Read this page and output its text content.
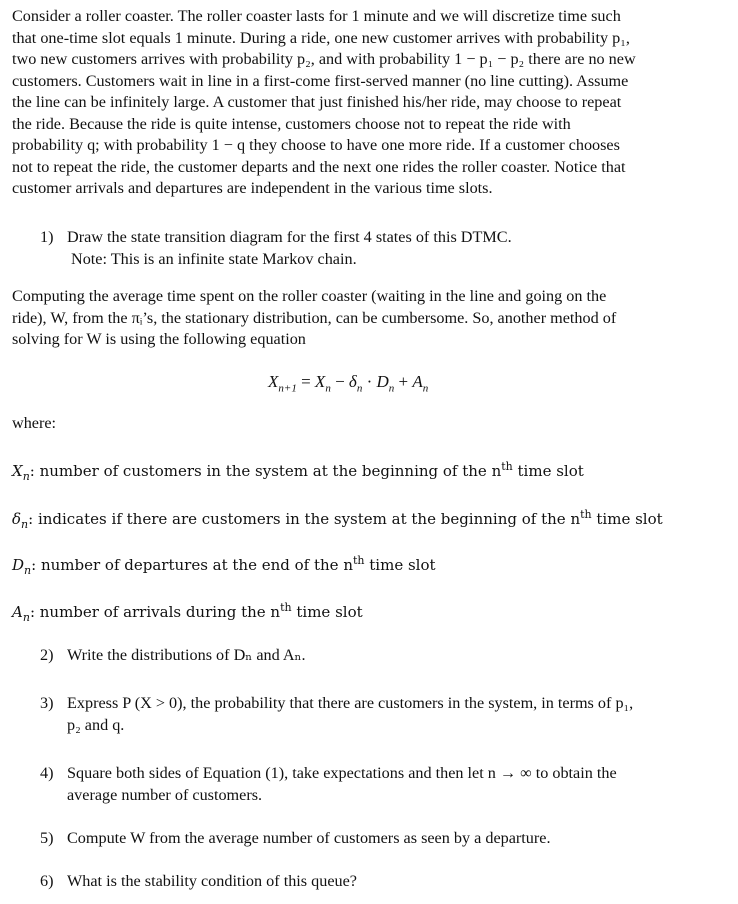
Consider a roller coaster. The roller coaster lasts for 1 minute and we will discretize time such
that one-time slot equals 1 minute. During a ride, one new customer arrives with probability p₁,
two new customers arrives with probability p₂, and with probability 1 − p₁ − p₂ there are no new
customers. Customers wait in line in a first-come first-served manner (no line cutting). Assume
the line can be infinitely large. A customer that just finished his/her ride, may choose to repeat
the ride. Because the ride is quite intense, customers choose not to repeat the ride with
probability q; with probability 1 − q they choose to have one more ride. If a customer chooses
not to repeat the ride, the customer departs and the next one rides the roller coaster. Notice that
customer arrivals and departures are independent in the various time slots.
1) Draw the state transition diagram for the first 4 states of this DTMC.
Note: This is an infinite state Markov chain.
Computing the average time spent on the roller coaster (waiting in the line and going on the
ride), W, from the πᵢ’s, the stationary distribution, can be cumbersome. So, another method of
solving for W is using the following equation
$X_{n+1} = X_n - \delta_n \cdot D_n + A_n$
where:
$X_n$: number of customers in the system at the beginning of the $n^{th}$ time slot
$\delta_n$: indicates if there are customers in the system at the beginning of the $n^{th}$ time slot
$D_n$: number of departures at the end of the $n^{th}$ time slot
$A_n$: number of arrivals during the $n^{th}$ time slot
2) Write the distributions of Dₙ and Aₙ.
3) Express P (X > 0), the probability that there are customers in the system, in terms of p₁,
p₂ and q.
4) Square both sides of Equation (1), take expectations and then let n → ∞ to obtain the
average number of customers.
5) Compute W from the average number of customers as seen by a departure.
6) What is the stability condition of this queue?
